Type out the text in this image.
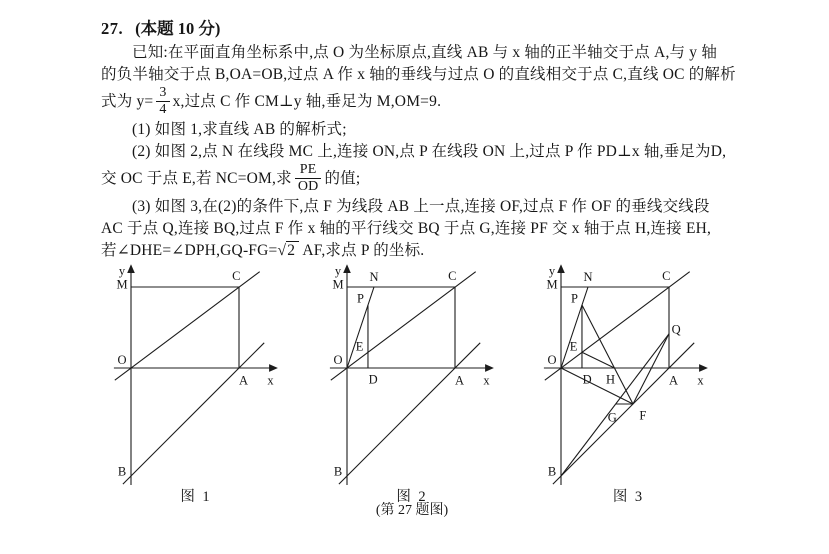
27. (本题 10 分)
已知:在平面直角坐标系中,点 O 为坐标原点,直线 AB 与 x 轴的正半轴交于点 A,与 y 轴
的负半轴交于点 B,OA=OB,过点 A 作 x 轴的垂线与过点 O 的直线相交于点 C,直线 OC 的解析
式为 $y= \frac{3}{4} x$,过点 C 作 CM⊥y 轴,垂足为 M,OM=9.
(1) 如图 1,求直线 AB 的解析式;
(2) 如图 2,点 N 在线段 MC 上,连接 ON,点 P 在线段 ON 上,过点 P 作 PD⊥x 轴,垂足为D,
交 OC 于点 E,若 NC=OM,求 $\frac{PE}{OD}$ 的值;
(3) 如图 3,在(2)的条件下,点 F 为线段 AB 上一点,连接 OF,过点 F 作 OF 的垂线交线段
AC 于点 Q,连接 BQ,过点 F 作 x 轴的平行线交 BQ 于点 G,连接 PF 交 x 轴于点 H,连接 EH,
若∠DHE=∠DPH,GQ-FG=√2 AF,求点 P 的坐标.
y
x
M
C
O
A
B
图 1
y
x
M
C
O
A
B
N
P
E
D
图 2
y
x
M
C
O
A
B
N
P
E
D
Q
F
G
H
图 3
(第 27 题图)
